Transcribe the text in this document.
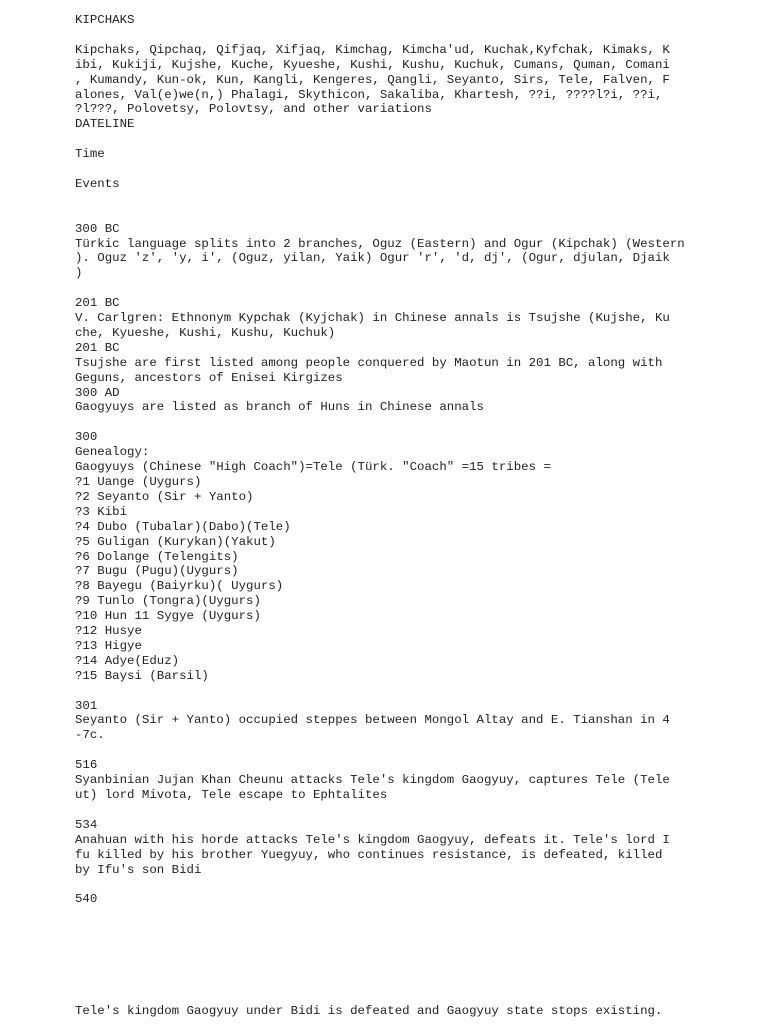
KIPCHAKS
Kipchaks, Qipchaq, Qifjaq, Xifjaq, Kimchag, Kimcha'ud, Kuchak,Kyfchak, Kimaks, K
ibi, Kukiji, Kujshe, Kuche, Kyueshe, Kushi, Kushu, Kuchuk, Cumans, Quman, Comani
, Kumandy, Kun-ok, Kun, Kangli, Kengeres, Qangli, Seyanto, Sirs, Tele, Falven, F
alones, Val(e)we(n,) Phalagi, Skythicon, Sakaliba, Khartesh, ??i, ????l?i, ??i,
?l???, Polovetsy, Polovtsy, and other variations
DATELINE
Time
Events
300 BC
Türkic language splits into 2 branches, Oguz (Eastern) and Ogur (Kipchak) (Western
). Oguz 'z', 'y, i', (Oguz, yilan, Yaik) Ogur 'r', 'd, dj', (Ogur, djulan, Djaik
)
201 BC
V. Carlgren: Ethnonym Kypchak (Kyjchak) in Chinese annals is Tsujshe (Kujshe, Ku
che, Kyueshe, Kushi, Kushu, Kuchuk)
201 BC
Tsujshe are first listed among people conquered by Maotun in 201 BC, along with
Geguns, ancestors of Enisei Kirgizes
300 AD
Gaogyuys are listed as branch of Huns in Chinese annals
300
Genealogy:
Gaogyuys (Chinese "High Coach")=Tele (Türk. "Coach" =15 tribes =
?1 Uange (Uygurs)
?2 Seyanto (Sir + Yanto)
?3 Kibi
?4 Dubo (Tubalar)(Dabo)(Tele)
?5 Guligan (Kurykan)(Yakut)
?6 Dolange (Telengits)
?7 Bugu (Pugu)(Uygurs)
?8 Bayegu (Baiyrku)( Uygurs)
?9 Tunlo (Tongra)(Uygurs)
?10 Hun 11 Sygye (Uygurs)
?12 Husye
?13 Higye
?14 Adye(Eduz)
?15 Baysi (Barsil)
301
Seyanto (Sir + Yanto) occupied steppes between Mongol Altay and E. Tianshan in 4
-7c.
516
Syanbinian Jujan Khan Cheunu attacks Tele's kingdom Gaogyuy, captures Tele (Tele
ut) lord Mivota, Tele escape to Ephtalites
534
Anahuan with his horde attacks Tele's kingdom Gaogyuy, defeats it. Tele's lord I
fu killed by his brother Yuegyuy, who continues resistance, is defeated, killed
by Ifu's son Bidi
540
Tele's kingdom Gaogyuy under Bidi is defeated and Gaogyuy state stops existing.
